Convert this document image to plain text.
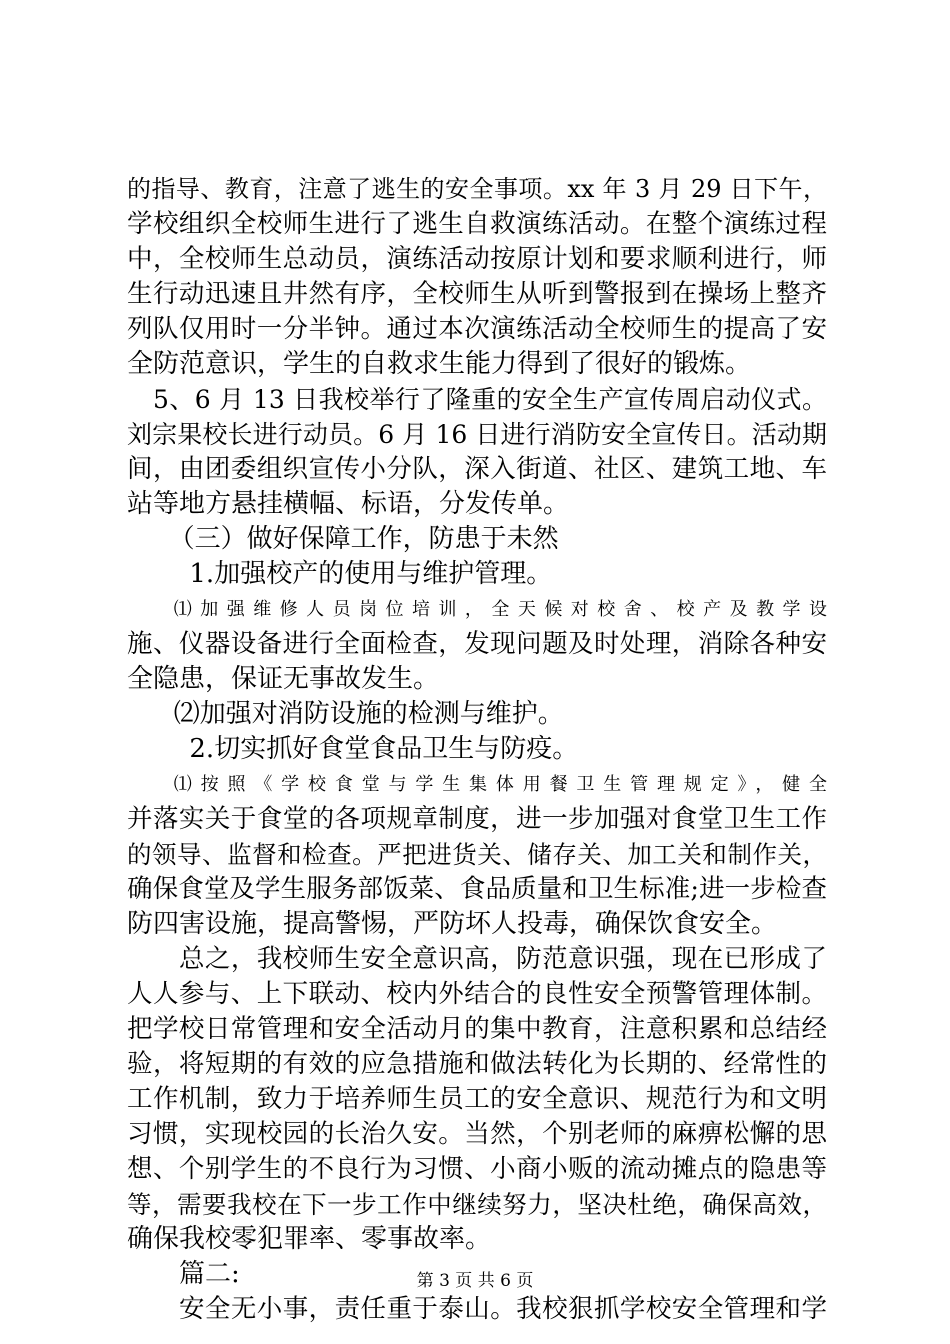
的指导、教育，注意了逃生的安全事项。xx 年 3 月 29 日下午，
学校组织全校师生进行了逃生自救演练活动。在整个演练过程
中，全校师生总动员，演练活动按原计划和要求顺利进行，师
生行动迅速且井然有序，全校师生从听到警报到在操场上整齐
列队仅用时一分半钟。通过本次演练活动全校师生的提高了安
全防范意识，学生的自救求生能力得到了很好的锻炼。
5、6 月 13 日我校举行了隆重的安全生产宣传周启动仪式。
刘宗果校长进行动员。6 月 16 日进行消防安全宣传日。活动期
间，由团委组织宣传小分队，深入街道、社区、建筑工地、车
站等地方悬挂横幅、标语，分发传单。
（三）做好保障工作，防患于未然
1.加强校产的使用与维护管理。
⑴加强维修人员岗位培训，全天候对校舍、校产及教学设
施、仪器设备进行全面检查，发现问题及时处理，消除各种安
全隐患，保证无事故发生。
⑵加强对消防设施的检测与维护。
2.切实抓好食堂食品卫生与防疫。
⑴按照《学校食堂与学生集体用餐卫生管理规定》，健全
并落实关于食堂的各项规章制度，进一步加强对食堂卫生工作
的领导、监督和检查。严把进货关、储存关、加工关和制作关，
确保食堂及学生服务部饭菜、食品质量和卫生标准;进一步检查
防四害设施，提高警惕，严防坏人投毒，确保饮食安全。
总之，我校师生安全意识高，防范意识强，现在已形成了
人人参与、上下联动、校内外结合的良性安全预警管理体制。
把学校日常管理和安全活动月的集中教育，注意积累和总结经
验，将短期的有效的应急措施和做法转化为长期的、经常性的
工作机制，致力于培养师生员工的安全意识、规范行为和文明
习惯，实现校园的长治久安。当然，个别老师的麻痹松懈的思
想、个别学生的不良行为习惯、小商小贩的流动摊点的隐患等
等，需要我校在下一步工作中继续努力，坚决杜绝，确保高效，
确保我校零犯罪率、零事故率。
篇二:
安全无小事，责任重于泰山。我校狠抓学校安全管理和学
第 3 页 共 6 页
